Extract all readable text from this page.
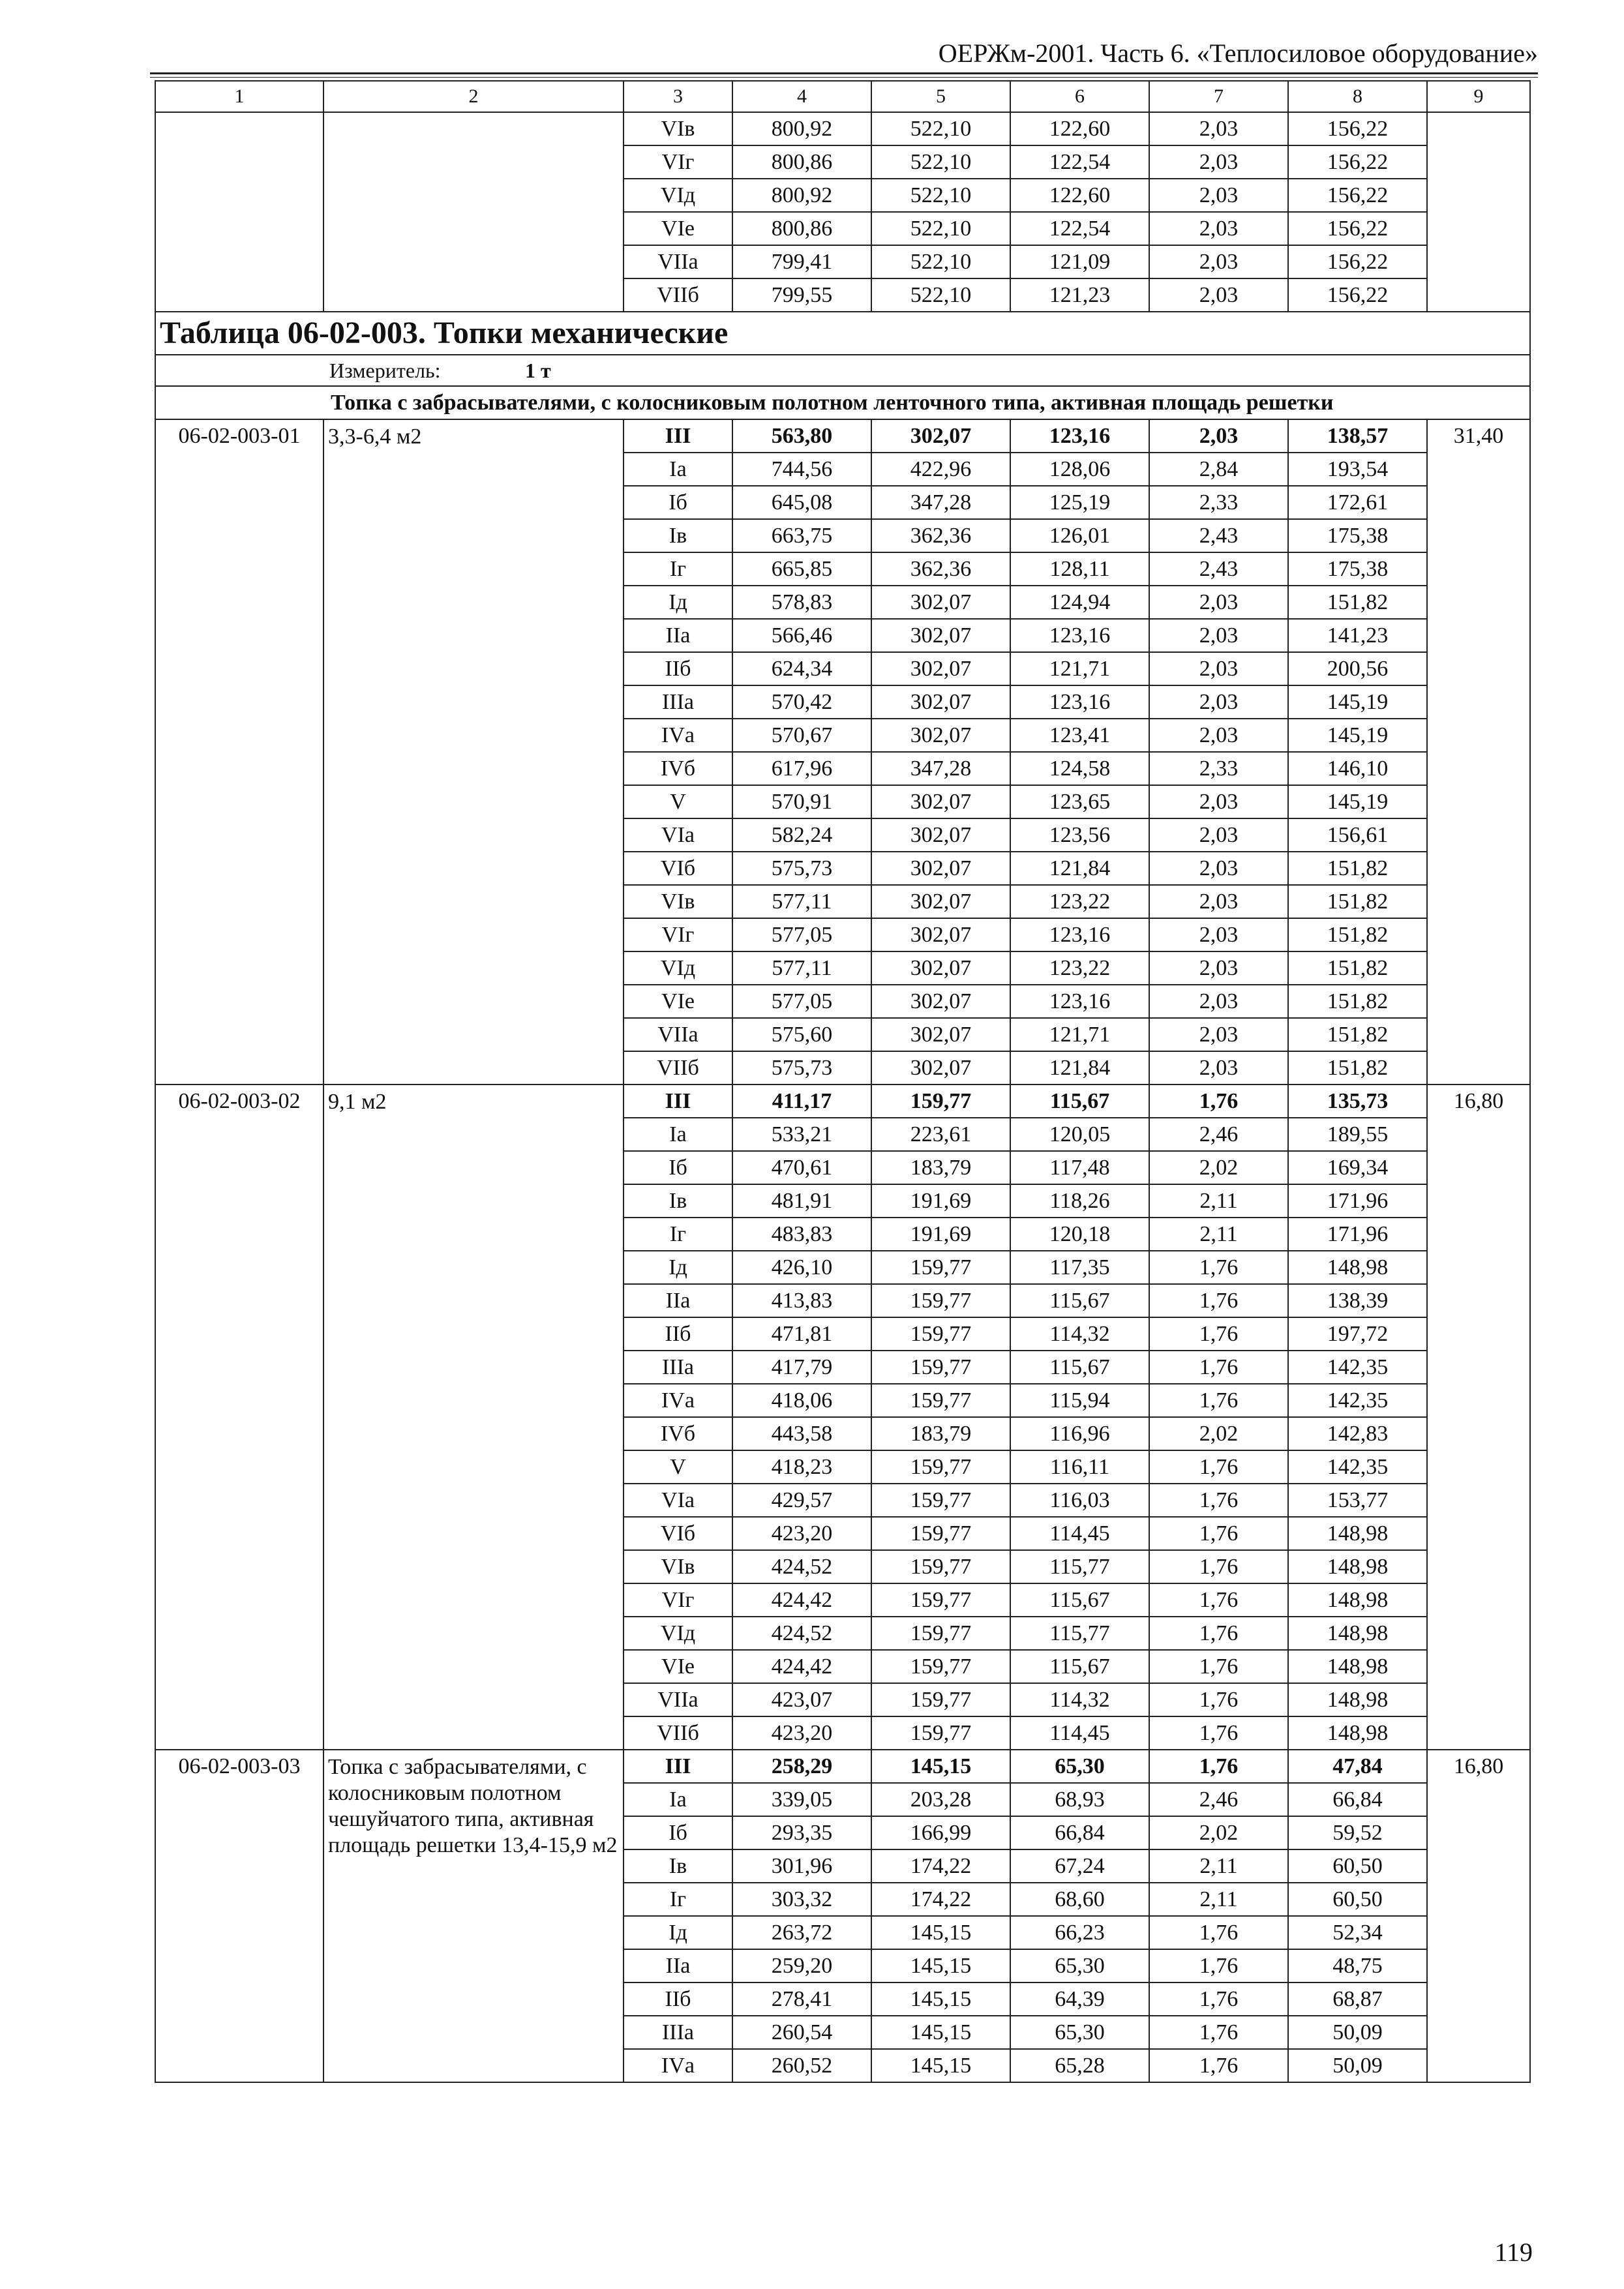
ОЕРЖм-2001. Часть 6. «Теплосиловое оборудование»
1	2	3	4	5	6	7	8	9
		VIв	800,92	522,10	122,60	2,03	156,22	
		VIг	800,86	522,10	122,54	2,03	156,22	
		VIд	800,92	522,10	122,60	2,03	156,22	
		VIе	800,86	522,10	122,54	2,03	156,22	
		VIIа	799,41	522,10	121,09	2,03	156,22	
		VIIб	799,55	522,10	121,23	2,03	156,22	
Таблица 06-02-003. Топки механические								
Измеритель: 1 т								
Топка с забрасывателями, с колосниковым полотном ленточного типа, активная площадь решетки								
06-02-003-01	3,3-6,4 м2	III	563,80	302,07	123,16	2,03	138,57	31,40
		Iа	744,56	422,96	128,06	2,84	193,54	
		Iб	645,08	347,28	125,19	2,33	172,61	
		Iв	663,75	362,36	126,01	2,43	175,38	
		Iг	665,85	362,36	128,11	2,43	175,38	
		Iд	578,83	302,07	124,94	2,03	151,82	
		IIа	566,46	302,07	123,16	2,03	141,23	
		IIб	624,34	302,07	121,71	2,03	200,56	
		IIIа	570,42	302,07	123,16	2,03	145,19	
		IVа	570,67	302,07	123,41	2,03	145,19	
		IVб	617,96	347,28	124,58	2,33	146,10	
		V	570,91	302,07	123,65	2,03	145,19	
		VIа	582,24	302,07	123,56	2,03	156,61	
		VIб	575,73	302,07	121,84	2,03	151,82	
		VIв	577,11	302,07	123,22	2,03	151,82	
		VIг	577,05	302,07	123,16	2,03	151,82	
		VIд	577,11	302,07	123,22	2,03	151,82	
		VIе	577,05	302,07	123,16	2,03	151,82	
		VIIа	575,60	302,07	121,71	2,03	151,82	
		VIIб	575,73	302,07	121,84	2,03	151,82	
06-02-003-02	9,1 м2	III	411,17	159,77	115,67	1,76	135,73	16,80
		Iа	533,21	223,61	120,05	2,46	189,55	
		Iб	470,61	183,79	117,48	2,02	169,34	
		Iв	481,91	191,69	118,26	2,11	171,96	
		Iг	483,83	191,69	120,18	2,11	171,96	
		Iд	426,10	159,77	117,35	1,76	148,98	
		IIа	413,83	159,77	115,67	1,76	138,39	
		IIб	471,81	159,77	114,32	1,76	197,72	
		IIIа	417,79	159,77	115,67	1,76	142,35	
		IVа	418,06	159,77	115,94	1,76	142,35	
		IVб	443,58	183,79	116,96	2,02	142,83	
		V	418,23	159,77	116,11	1,76	142,35	
		VIа	429,57	159,77	116,03	1,76	153,77	
		VIб	423,20	159,77	114,45	1,76	148,98	
		VIв	424,52	159,77	115,77	1,76	148,98	
		VIг	424,42	159,77	115,67	1,76	148,98	
		VIд	424,52	159,77	115,77	1,76	148,98	
		VIе	424,42	159,77	115,67	1,76	148,98	
		VIIа	423,07	159,77	114,32	1,76	148,98	
		VIIб	423,20	159,77	114,45	1,76	148,98	
06-02-003-03	Топка с забрасывателями, с колосниковым полотном чешуйчатого типа, активная площадь решетки 13,4-15,9 м2	III	258,29	145,15	65,30	1,76	47,84	16,80
		Iа	339,05	203,28	68,93	2,46	66,84	
		Iб	293,35	166,99	66,84	2,02	59,52	
		Iв	301,96	174,22	67,24	2,11	60,50	
		Iг	303,32	174,22	68,60	2,11	60,50	
		Iд	263,72	145,15	66,23	1,76	52,34	
		IIа	259,20	145,15	65,30	1,76	48,75	
		IIб	278,41	145,15	64,39	1,76	68,87	
		IIIа	260,54	145,15	65,30	1,76	50,09	
		IVа	260,52	145,15	65,28	1,76	50,09	
119
